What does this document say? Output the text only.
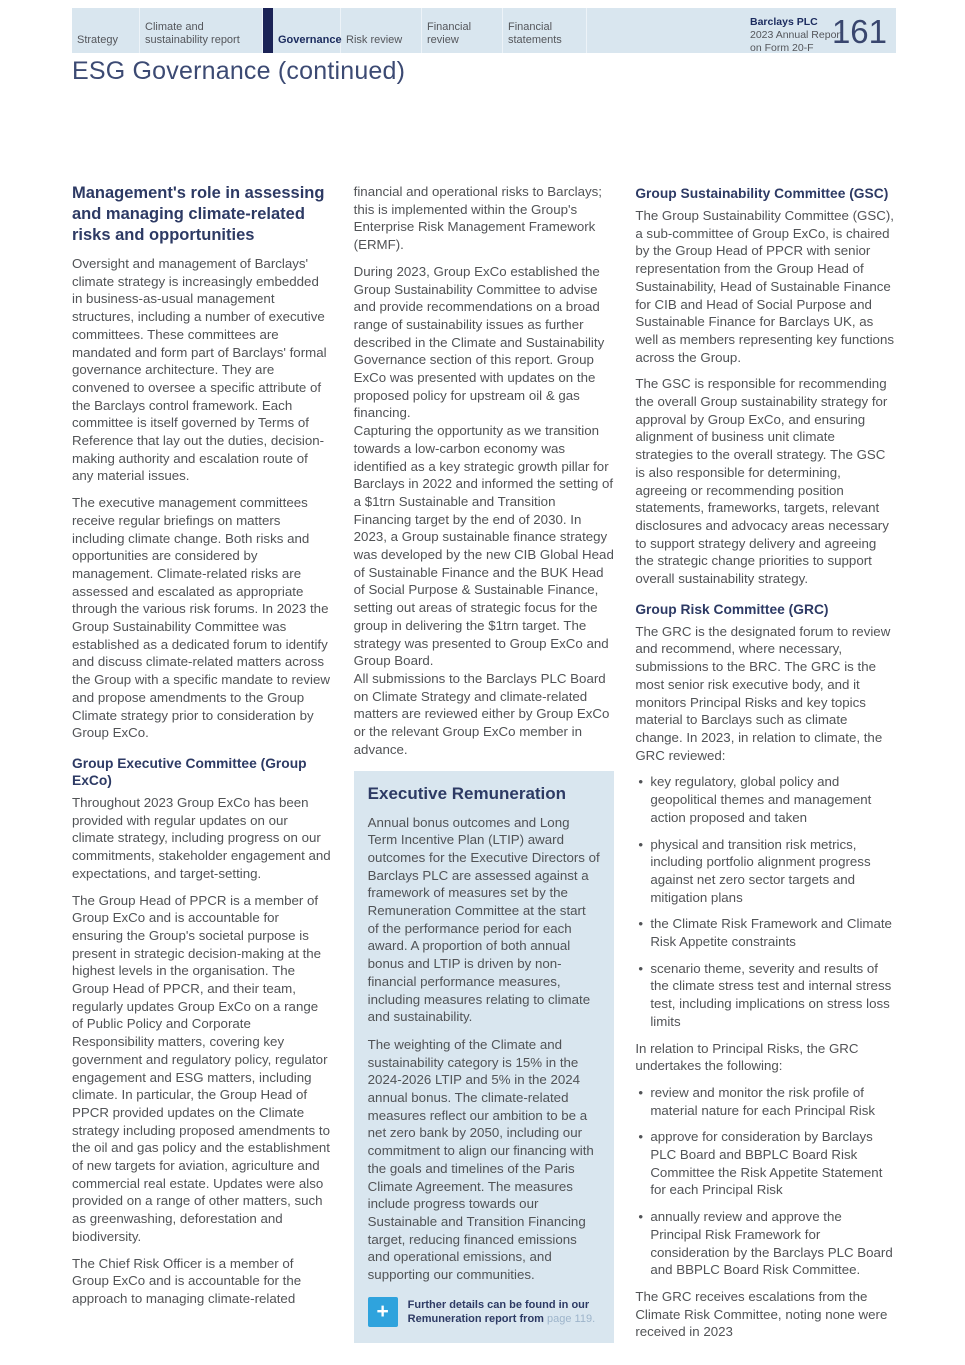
Strategy
Climate and sustainability report	Governance Risk review
Financial review
Financial statements
Barclays PLC
2023 Annual Report
on Form 20-F 161
ESG Governance (continued)
Management's role in assessing and managing climate-related risks and opportunities

Oversight and management of Barclays' climate strategy is increasingly embedded in business-as-usual management structures, including a number of executive committees. These committees are mandated and form part of Barclays' formal governance architecture. They are convened to oversee a specific attribute of the Barclays control framework. Each committee is itself governed by Terms of Reference that lay out the duties, decision-making authority and escalation route of any material issues.

The executive management committees receive regular briefings on matters including climate change. Both risks and opportunities are considered by management. Climate-related risks are assessed and escalated as appropriate through the various risk forums. In 2023 the Group Sustainability Committee was established as a dedicated forum to identify and discuss climate-related matters across the Group with a specific mandate to review and propose amendments to the Group Climate strategy prior to consideration by Group ExCo.

Group Executive Committee (Group ExCo)

Throughout 2023 Group ExCo has been provided with regular updates on our climate strategy, including progress on our commitments, stakeholder engagement and expectations, and target-setting.

The Group Head of PPCR is a member of Group ExCo and is accountable for ensuring the Group's societal purpose is present in strategic decision-making at the highest levels in the organisation. The Group Head of PPCR, and their team, regularly updates Group ExCo on a range of Public Policy and Corporate Responsibility matters, covering key government and regulatory policy, regulator engagement and ESG matters, including climate. In particular, the Group Head of PPCR provided updates on the Climate strategy including proposed amendments to the oil and gas policy and the establishment of new targets for aviation, agriculture and commercial real estate. Updates were also provided on a range of other matters, such as greenwashing, deforestation and biodiversity.

The Chief Risk Officer is a member of Group ExCo and is accountable for the approach to managing climate-related

financial and operational risks to Barclays; this is implemented within the Group's Enterprise Risk Management Framework (ERMF).

During 2023, Group ExCo established the Group Sustainability Committee to advise and provide recommendations on a broad range of sustainability issues as further described in the Climate and Sustainability Governance section of this report. Group ExCo was presented with updates on the proposed policy for upstream oil & gas financing.

Capturing the opportunity as we transition towards a low-carbon economy was identified as a key strategic growth pillar for Barclays in 2022 and informed the setting of a $1trn Sustainable and Transition Financing target by the end of 2030. In 2023, a Group sustainable finance strategy was developed by the new CIB Global Head of Sustainable Finance and the BUK Head of Social Purpose & Sustainable Finance, setting out areas of strategic focus for the group in delivering the $1trn target. The strategy was presented to Group ExCo and Group Board.

All submissions to the Barclays PLC Board on Climate Strategy and climate-related matters are reviewed either by Group ExCo or the relevant Group ExCo member in advance.

Executive Remuneration

Annual bonus outcomes and Long Term Incentive Plan (LTIP) award outcomes for the Executive Directors of Barclays PLC are assessed against a framework of measures set by the Remuneration Committee at the start of the performance period for each award. A proportion of both annual bonus and LTIP is driven by non-financial performance measures, including measures relating to climate and sustainability.

The weighting of the Climate and sustainability category is 15% in the 2024-2026 LTIP and 5% in the 2024 annual bonus. The climate-related measures reflect our ambition to be a net zero bank by 2050, including our commitment to align our financing with the goals and timelines of the Paris Climate Agreement. The measures include progress towards our Sustainable and Transition Financing target, reducing financed emissions and operational emissions, and supporting our communities.

+	Further details can be found in our Remuneration report from page 119.
Group Sustainability Committee (GSC)

The Group Sustainability Committee (GSC), a sub-committee of Group ExCo, is chaired by the Group Head of PPCR with senior representation from the Group Head of Sustainability, Head of Sustainable Finance for CIB and Head of Social Purpose and Sustainable Finance for Barclays UK, as well as members representing key functions across the Group.

The GSC is responsible for recommending the overall Group sustainability strategy for approval by Group ExCo, and ensuring alignment of business unit climate strategies to the overall strategy. The GSC is also responsible for determining, agreeing or recommending position statements, frameworks, targets, relevant disclosures and advocacy areas necessary to support strategy delivery and agreeing the strategic change priorities to support overall sustainability strategy.

Group Risk Committee (GRC)

The GRC is the designated forum to review and recommend, where necessary, submissions to the BRC. The GRC is the most senior risk executive body, and it monitors Principal Risks and key topics material to Barclays such as climate change. In 2023, in relation to climate, the GRC reviewed:

• key regulatory, global policy and geopolitical themes and management action proposed and taken
• physical and transition risk metrics, including portfolio alignment progress against net zero sector targets and mitigation plans
• the Climate Risk Framework and Climate Risk Appetite constraints
• scenario theme, severity and results of the climate stress test and internal stress test, including implications on stress loss limits

In relation to Principal Risks, the GRC undertakes the following:

• review and monitor the risk profile of material nature for each Principal Risk
• approve for consideration by Barclays PLC Board and BBPLC Board Risk Committee the Risk Appetite Statement for each Principal Risk
• annually review and approve the Principal Risk Framework for consideration by the Barclays PLC Board and BBPLC Board Risk Committee.

The GRC receives escalations from the Climate Risk Committee, noting none were received in 2023
